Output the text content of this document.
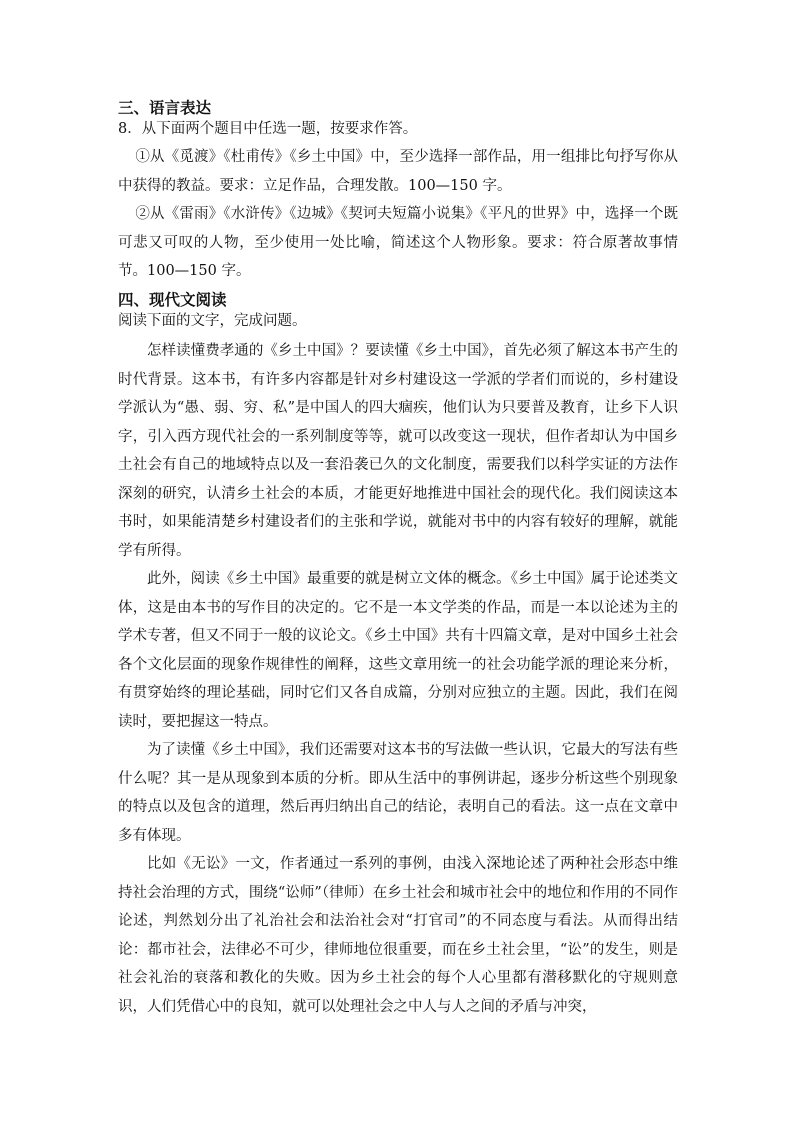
三、语言表达

8．从下面两个题目中任选一题，按要求作答。

①从《觅渡》《杜甫传》《乡土中国》中，至少选择一部作品，用一组排比句抒写你从中获得的教益。要求：立足作品，合理发散。100—150 字。

②从《雷雨》《水浒传》《边城》《契诃夫短篇小说集》《平凡的世界》中，选择一个既可悲又可叹的人物，至少使用一处比喻，简述这个人物形象。要求：符合原著故事情节。100—150 字。

四、现代文阅读

阅读下面的文字，完成问题。

怎样读懂费孝通的《乡土中国》？要读懂《乡土中国》，首先必须了解这本书产生的时代背景。这本书，有许多内容都是针对乡村建设这一学派的学者们而说的，乡村建设学派认为“愚、弱、穷、私”是中国人的四大痼疾，他们认为只要普及教育，让乡下人识字，引入西方现代社会的一系列制度等等，就可以改变这一现状，但作者却认为中国乡土社会有自己的地域特点以及一套沿袭已久的文化制度，需要我们以科学实证的方法作深刻的研究，认清乡土社会的本质，才能更好地推进中国社会的现代化。我们阅读这本书时，如果能清楚乡村建设者们的主张和学说，就能对书中的内容有较好的理解，就能学有所得。

此外，阅读《乡土中国》最重要的就是树立文体的概念。《乡土中国》属于论述类文体，这是由本书的写作目的决定的。它不是一本文学类的作品，而是一本以论述为主的学术专著，但又不同于一般的议论文。《乡土中国》共有十四篇文章，是对中国乡土社会各个文化层面的现象作规律性的阐释，这些文章用统一的社会功能学派的理论来分析，有贯穿始终的理论基础，同时它们又各自成篇，分别对应独立的主题。因此，我们在阅读时，要把握这一特点。

为了读懂《乡土中国》，我们还需要对这本书的写法做一些认识，它最大的写法有些什么呢？其一是从现象到本质的分析。即从生活中的事例讲起，逐步分析这些个别现象的特点以及包含的道理，然后再归纳出自己的结论，表明自己的看法。这一点在文章中多有体现。

比如《无讼》一文，作者通过一系列的事例，由浅入深地论述了两种社会形态中维持社会治理的方式，围绕“讼师”（律师）在乡土社会和城市社会中的地位和作用的不同作论述，判然划分出了礼治社会和法治社会对“打官司”的不同态度与看法。从而得出结论：都市社会，法律必不可少，律师地位很重要，而在乡土社会里，“讼”的发生，则是社会礼治的衰落和教化的失败。因为乡土社会的每个人心里都有潜移默化的守规则意识，人们凭借心中的良知，就可以处理社会之中人与人之间的矛盾与冲突，
